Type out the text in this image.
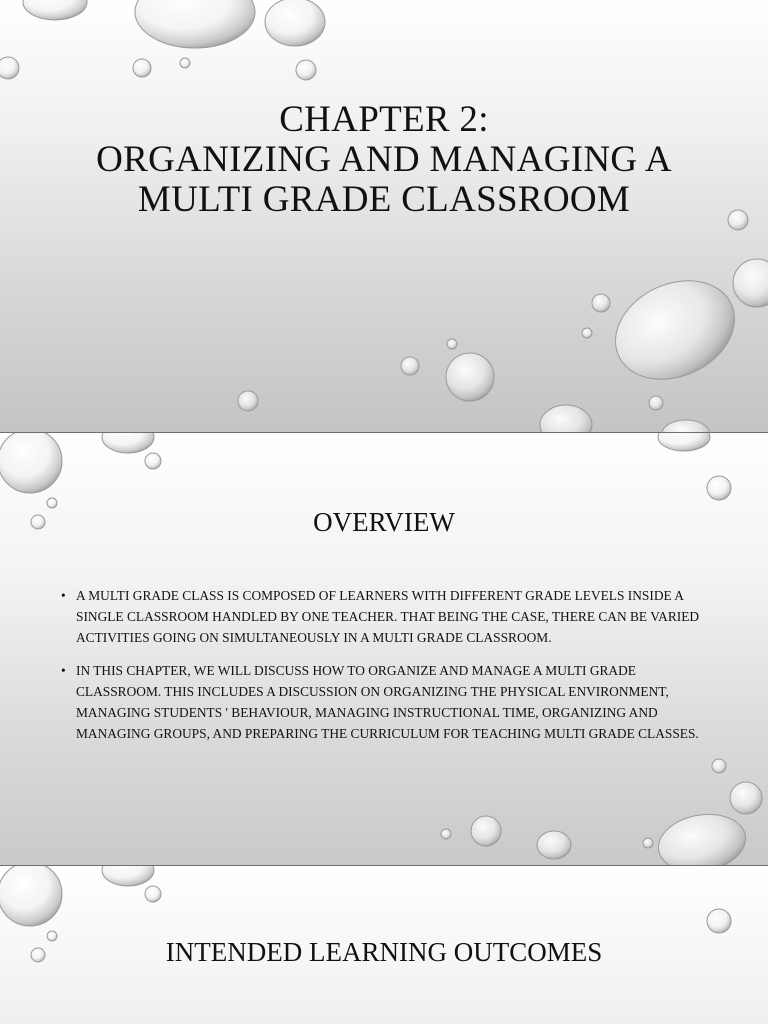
CHAPTER 2:
ORGANIZING AND MANAGING A
MULTI GRADE CLASSROOM
OVERVIEW
• A MULTI GRADE CLASS IS COMPOSED OF LEARNERS WITH DIFFERENT GRADE LEVELS INSIDE A SINGLE CLASSROOM HANDLED BY ONE TEACHER. THAT BEING THE CASE, THERE CAN BE VARIED ACTIVITIES GOING ON SIMULTANEOUSLY IN A MULTI GRADE CLASSROOM.
• IN THIS CHAPTER, WE WILL DISCUSS HOW TO ORGANIZE AND MANAGE A MULTI GRADE CLASSROOM. THIS INCLUDES A DISCUSSION ON ORGANIZING THE PHYSICAL ENVIRONMENT, MANAGING STUDENTS ' BEHAVIOUR, MANAGING INSTRUCTIONAL TIME, ORGANIZING AND MANAGING GROUPS, AND PREPARING THE CURRICULUM FOR TEACHING MULTI GRADE CLASSES.
INTENDED LEARNING OUTCOMES
